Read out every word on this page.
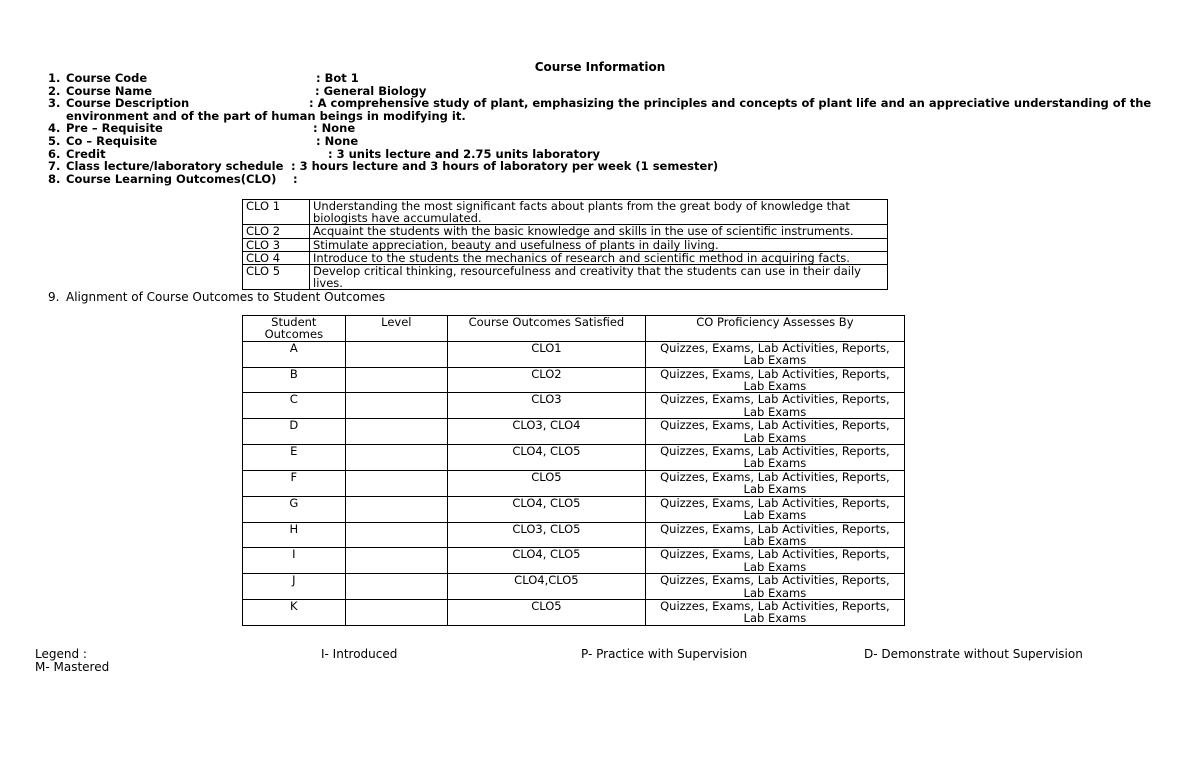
Course Information
1. Course Code	: Bot 1
2. Course Name	: General Biology
3. Course Description	: A comprehensive study of plant, emphasizing the principles and concepts of plant life and an appreciative understanding of the
environment and of the part of human beings in modifying it.
4. Pre – Requisite	: None
5. Co – Requisite	: None
6. Credit	: 3 units lecture and 2.75 units laboratory
7. Class lecture/laboratory schedule : 3 hours lecture and 3 hours of laboratory per week (1 semester)
8. Course Learning Outcomes(CLO) :
CLO 1	Understanding the most significant facts about plants from the great body of knowledge that biologists have accumulated.
CLO 2	Acquaint the students with the basic knowledge and skills in the use of scientific instruments.
CLO 3	Stimulate appreciation, beauty and usefulness of plants in daily living.
CLO 4	Introduce to the students the mechanics of research and scientific method in acquiring facts.
CLO 5	Develop critical thinking, resourcefulness and creativity that the students can use in their daily lives.
9. Alignment of Course Outcomes to Student Outcomes
Student Outcomes	Level	Course Outcomes Satisfied	CO Proficiency Assesses By
A		CLO1	Quizzes, Exams, Lab Activities, Reports, Lab Exams
B		CLO2	Quizzes, Exams, Lab Activities, Reports, Lab Exams
C		CLO3	Quizzes, Exams, Lab Activities, Reports, Lab Exams
D		CLO3, CLO4	Quizzes, Exams, Lab Activities, Reports, Lab Exams
E		CLO4, CLO5	Quizzes, Exams, Lab Activities, Reports, Lab Exams
F		CLO5	Quizzes, Exams, Lab Activities, Reports, Lab Exams
G		CLO4, CLO5	Quizzes, Exams, Lab Activities, Reports, Lab Exams
H		CLO3, CLO5	Quizzes, Exams, Lab Activities, Reports, Lab Exams
I		CLO4, CLO5	Quizzes, Exams, Lab Activities, Reports, Lab Exams
J		CLO4,CLO5	Quizzes, Exams, Lab Activities, Reports, Lab Exams
K		CLO5	Quizzes, Exams, Lab Activities, Reports, Lab Exams
Legend :	I- Introduced	P- Practice with Supervision	D- Demonstrate without Supervision
M- Mastered
